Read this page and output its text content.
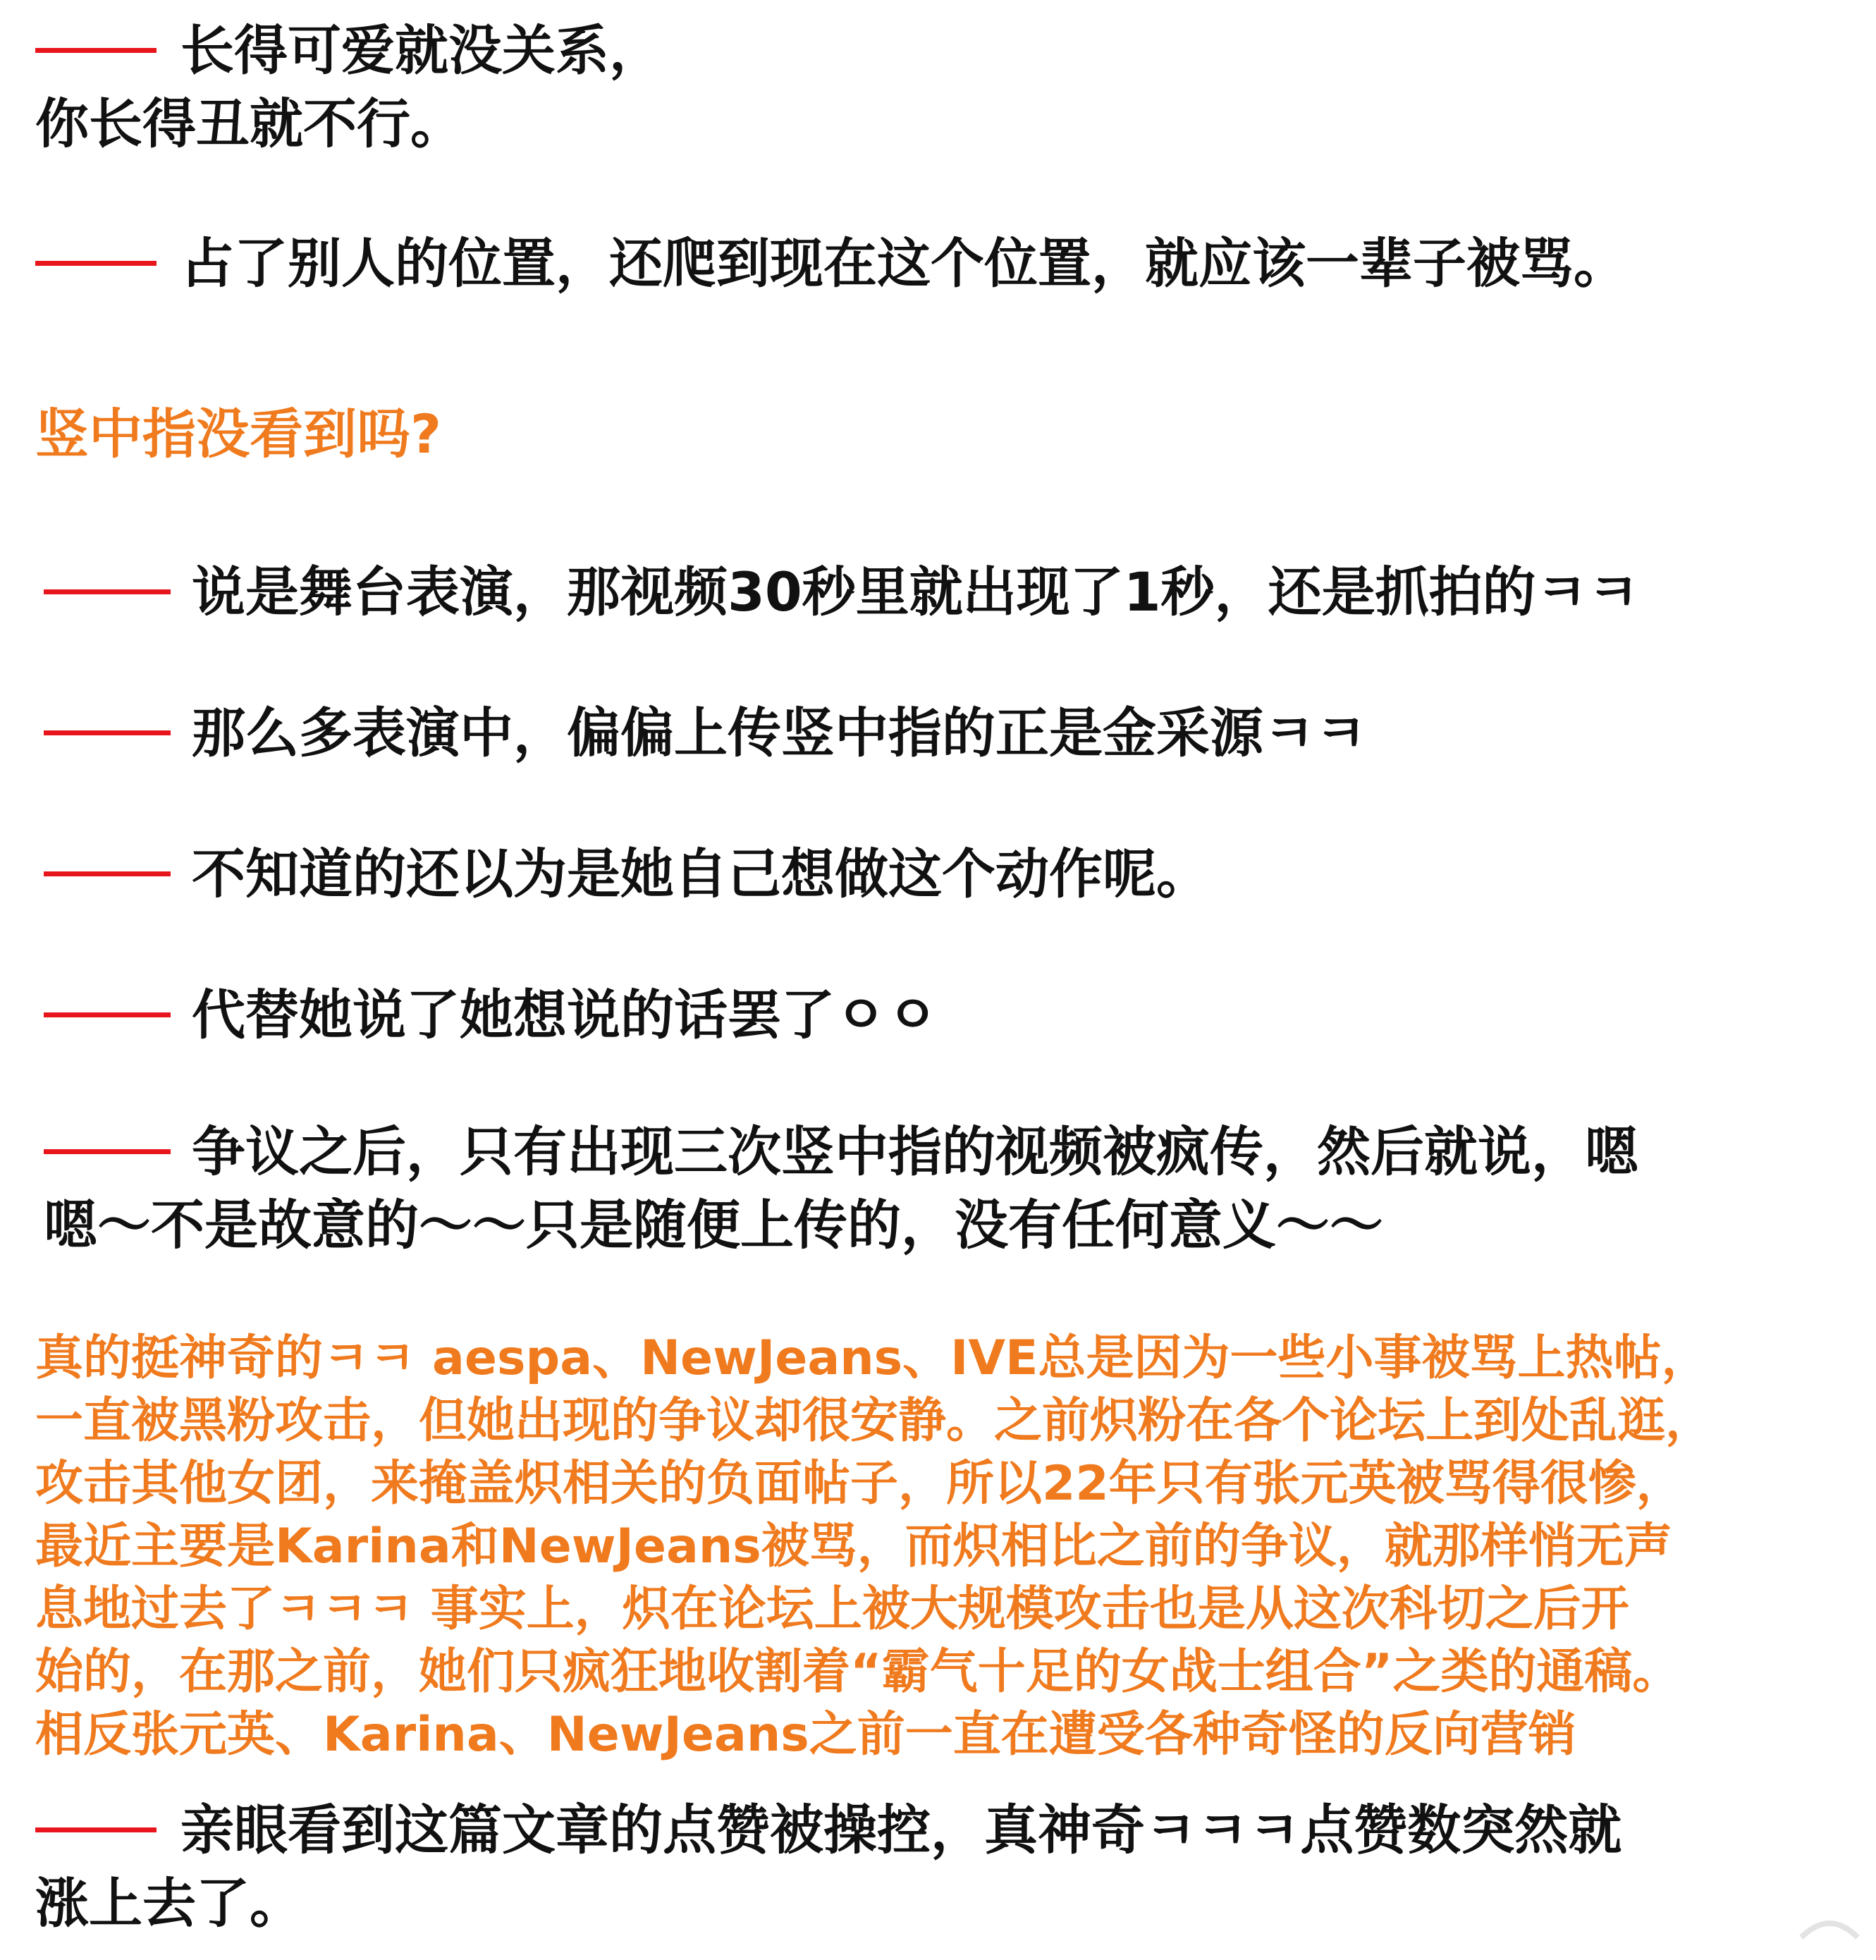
长得可爱就没关系，
你长得丑就不行。
占了别人的位置，还爬到现在这个位置，就应该一辈子被骂。
竖中指没看到吗?
说是舞台表演，那视频30秒里就出现了1秒，还是抓拍的ㅋㅋ
那么多表演中，偏偏上传竖中指的正是金采源ㅋㅋ
不知道的还以为是她自己想做这个动作呢。
代替她说了她想说的话罢了ㅇㅇ
争议之后，只有出现三次竖中指的视频被疯传，然后就说，嗯
嗯～不是故意的～～只是随便上传的，没有任何意义～～
真的挺神奇的ㅋㅋ aespa、NewJeans、IVE总是因为一些小事被骂上热帖，
一直被黑粉攻击，但她出现的争议却很安静。之前炽粉在各个论坛上到处乱逛，
攻击其他女团，来掩盖炽相关的负面帖子，所以22年只有张元英被骂得很惨，
最近主要是Karina和NewJeans被骂，而炽相比之前的争议，就那样悄无声
息地过去了ㅋㅋㅋ 事实上，炽在论坛上被大规模攻击也是从这次科切之后开
始的，在那之前，她们只疯狂地收割着“霸气十足的女战士组合”之类的通稿。
相反张元英、Karina、NewJeans之前一直在遭受各种奇怪的反向营销
亲眼看到这篇文章的点赞被操控，真神奇ㅋㅋㅋ点赞数突然就
涨上去了。
